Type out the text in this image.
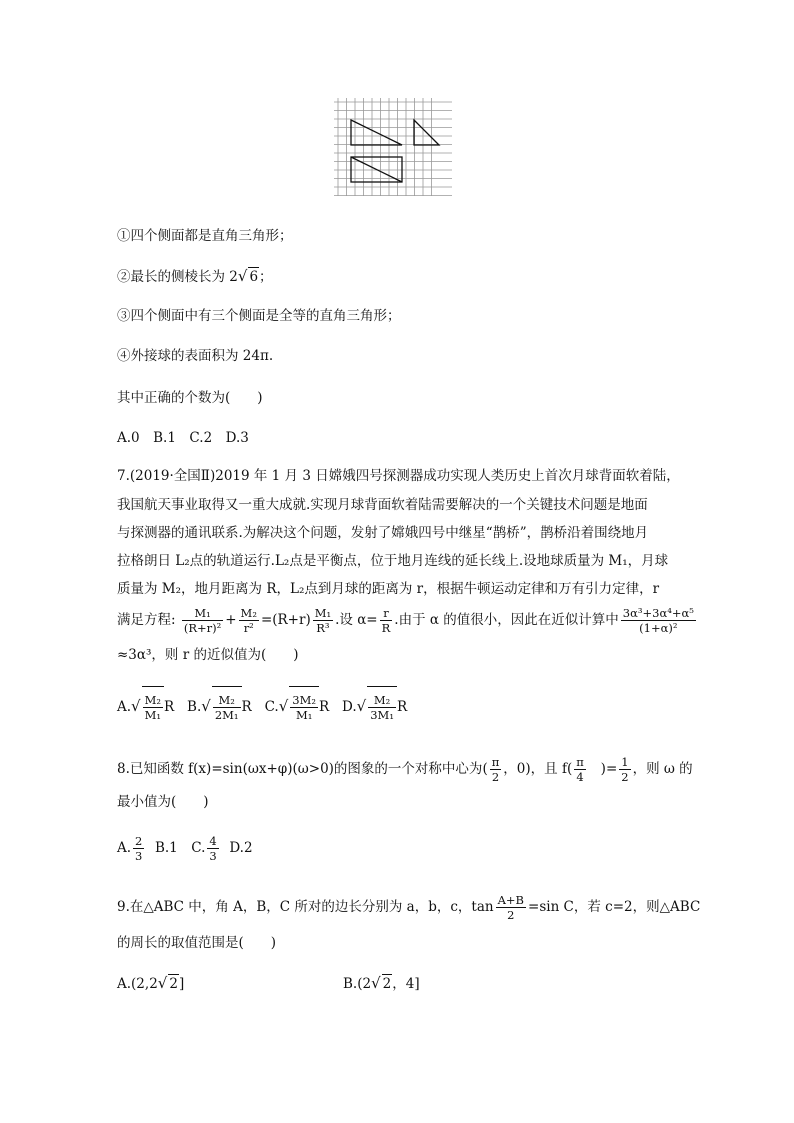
①四个侧面都是直角三角形；
②最长的侧棱长为 2√ 6；
③四个侧面中有三个侧面是全等的直角三角形；
④外接球的表面积为 24π.
其中正确的个数为(　　)
A.0　B.1　C.2　D.3
7.(2019·全国Ⅱ)2019 年 1 月 3 日嫦娥四号探测器成功实现人类历史上首次月球背面软着陆，
我国航天事业取得又一重大成就.实现月球背面软着陆需要解决的一个关键技术问题是地面
与探测器的通讯联系.为解决这个问题，发射了嫦娥四号中继星“鹊桥”，鹊桥沿着围绕地月
拉格朗日 L₂点的轨道运行.L₂点是平衡点，位于地月连线的延长线上.设地球质量为 M₁，月球
质量为 M₂，地月距离为 R，L₂点到月球的距离为 r，根据牛顿运动定律和万有引力定律，r
满足方程: $\frac{\text{M₁}}{\text{(R+r)²}} + \frac{\text{M₂}}{\text{r²}} =(R+r) \frac{\text{M₁}}{\text{R³}}$ .设 $\alpha= \frac{r}{R}$ .由于 α 的值很小，因此在近似计算中 $\frac{\text{3α³+3α⁴+α⁵}}{\text{(1+α)²}}$
≈3α³，则 r 的近似值为(　　)
$A.√ \frac{\text{M₂}}{\text{M₁}}$ R $B.√ \frac{\text{M₂}}{\text{2M₁}}$ R $C.√ \frac{\text{3M₂}}{\text{M₁}}$ R $D.√ \frac{\text{M₂}}{\text{3M₁}}$ R
8.已知函数 f(x)=sin(ωx+φ)(ω>0)的图象的一个对称中心为( $\frac{\pi}{2}$ ，0)，且 $f( \frac{\pi}{4}$ )= $\frac{1}{2}$ ，则 ω 的
最小值为(　　)
A. $\frac{2}{3} B.1$　C. $\frac{4}{3} D.2$
9.在△ABC 中，角 A，B，C 所对的边长分别为 a，b，c，$\tan \frac{A+B}{2} =\sin$ C，若 c=2，则△ABC
的周长的取值范围是(　　)
A.(2,2√ 2]	B.(2√ 2，4]
